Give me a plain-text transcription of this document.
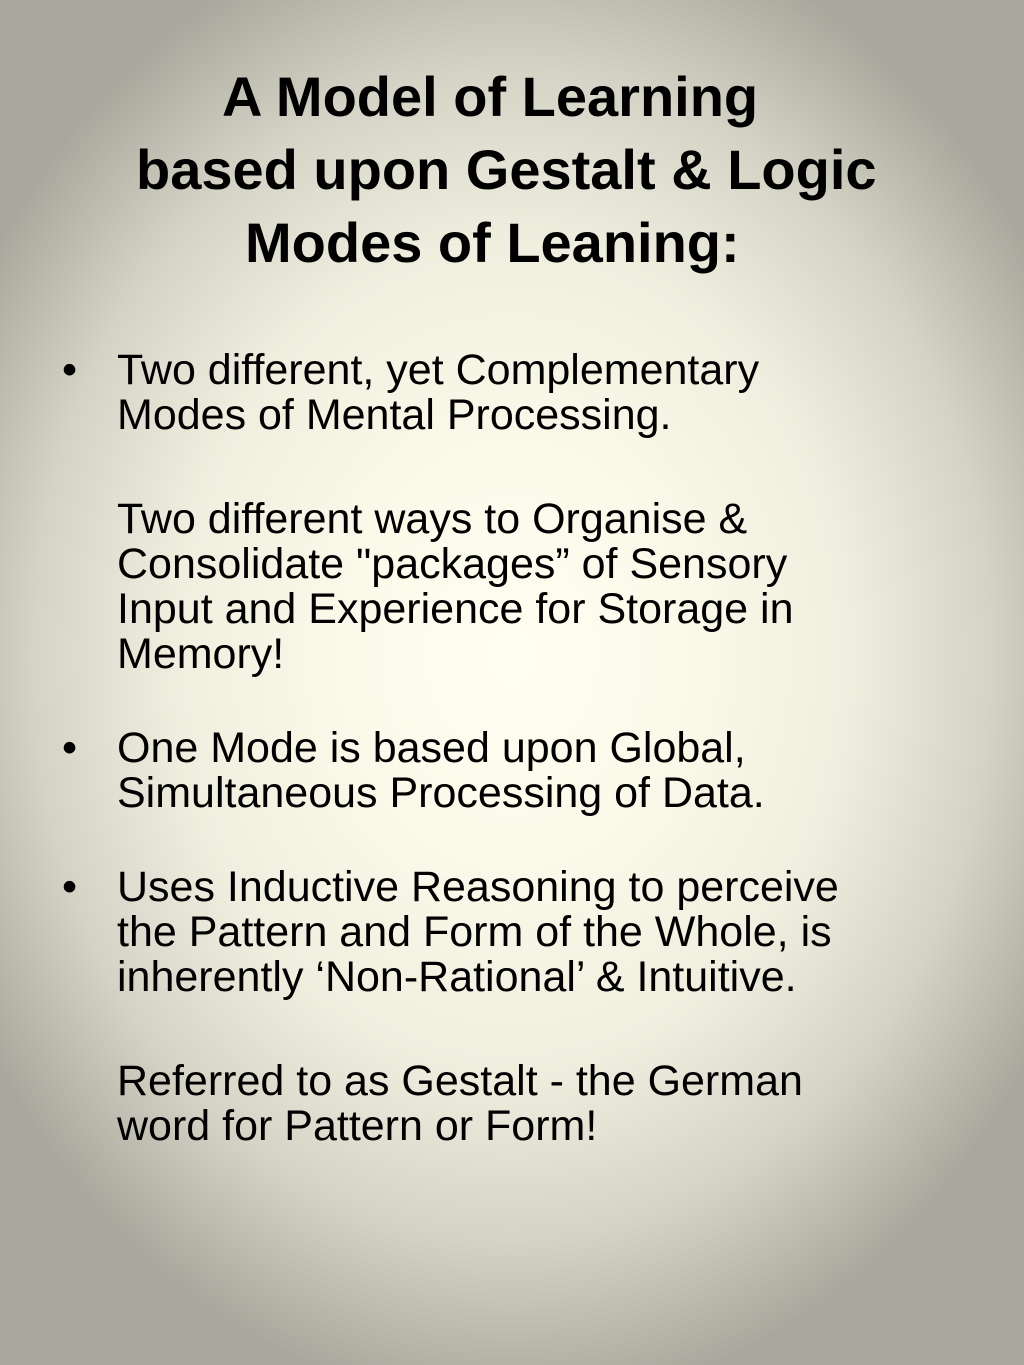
A Model of Learning
based upon Gestalt & Logic
Modes of Leaning:
• Two different, yet Complementary
Modes of Mental Processing.

Two different ways to Organise &
Consolidate "packages” of Sensory
Input and Experience for Storage in
Memory!

• One Mode is based upon Global,
Simultaneous Processing of Data.

• Uses Inductive Reasoning to perceive
the Pattern and Form of the Whole, is
inherently ‘Non-Rational’ & Intuitive.

Referred to as Gestalt - the German
word for Pattern or Form!
